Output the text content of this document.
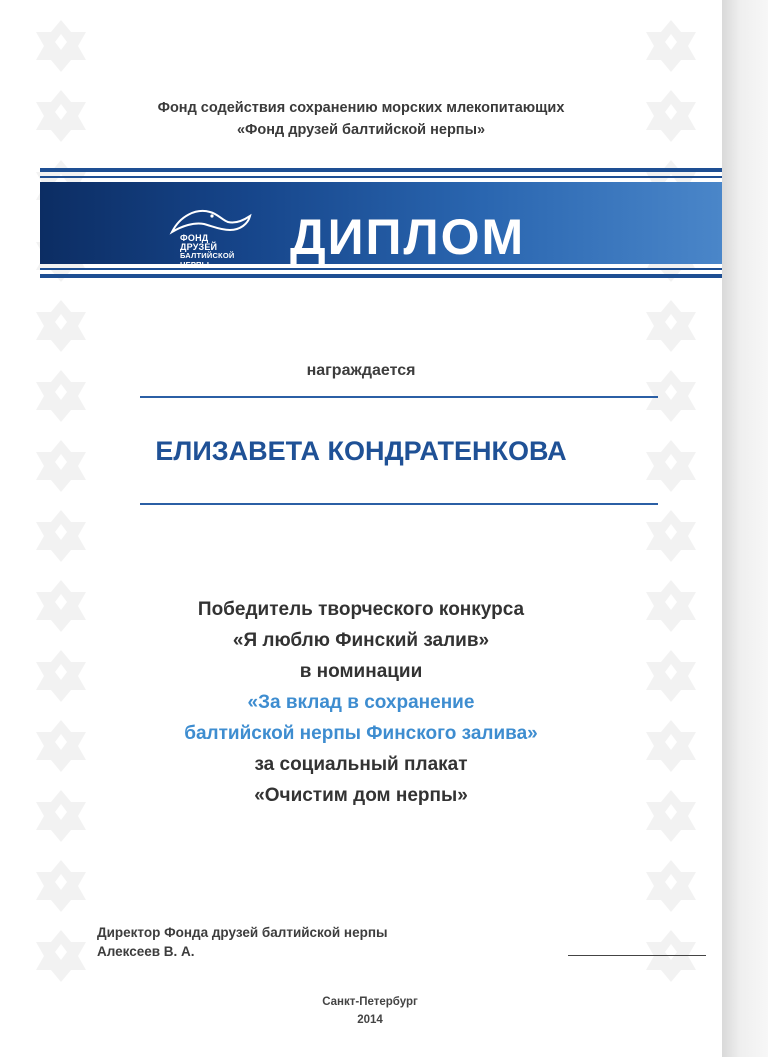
Фонд содействия сохранению морских млекопитающих
«Фонд друзей балтийской нерпы»
ФОНД
ДРУЗЕЙ
БАЛТИЙСКОЙ
НЕРПЫ	ДИПЛОМ
награждается
ЕЛИЗАВЕТА КОНДРАТЕНКОВА
Победитель творческого конкурса
«Я люблю Финский залив»
в номинации
«За вклад в сохранение
балтийской нерпы Финского залива»
за социальный плакат
«Очистим дом нерпы»
Директор Фонда друзей балтийской нерпы
Алексеев В. А.
Санкт-Петербург
2014
